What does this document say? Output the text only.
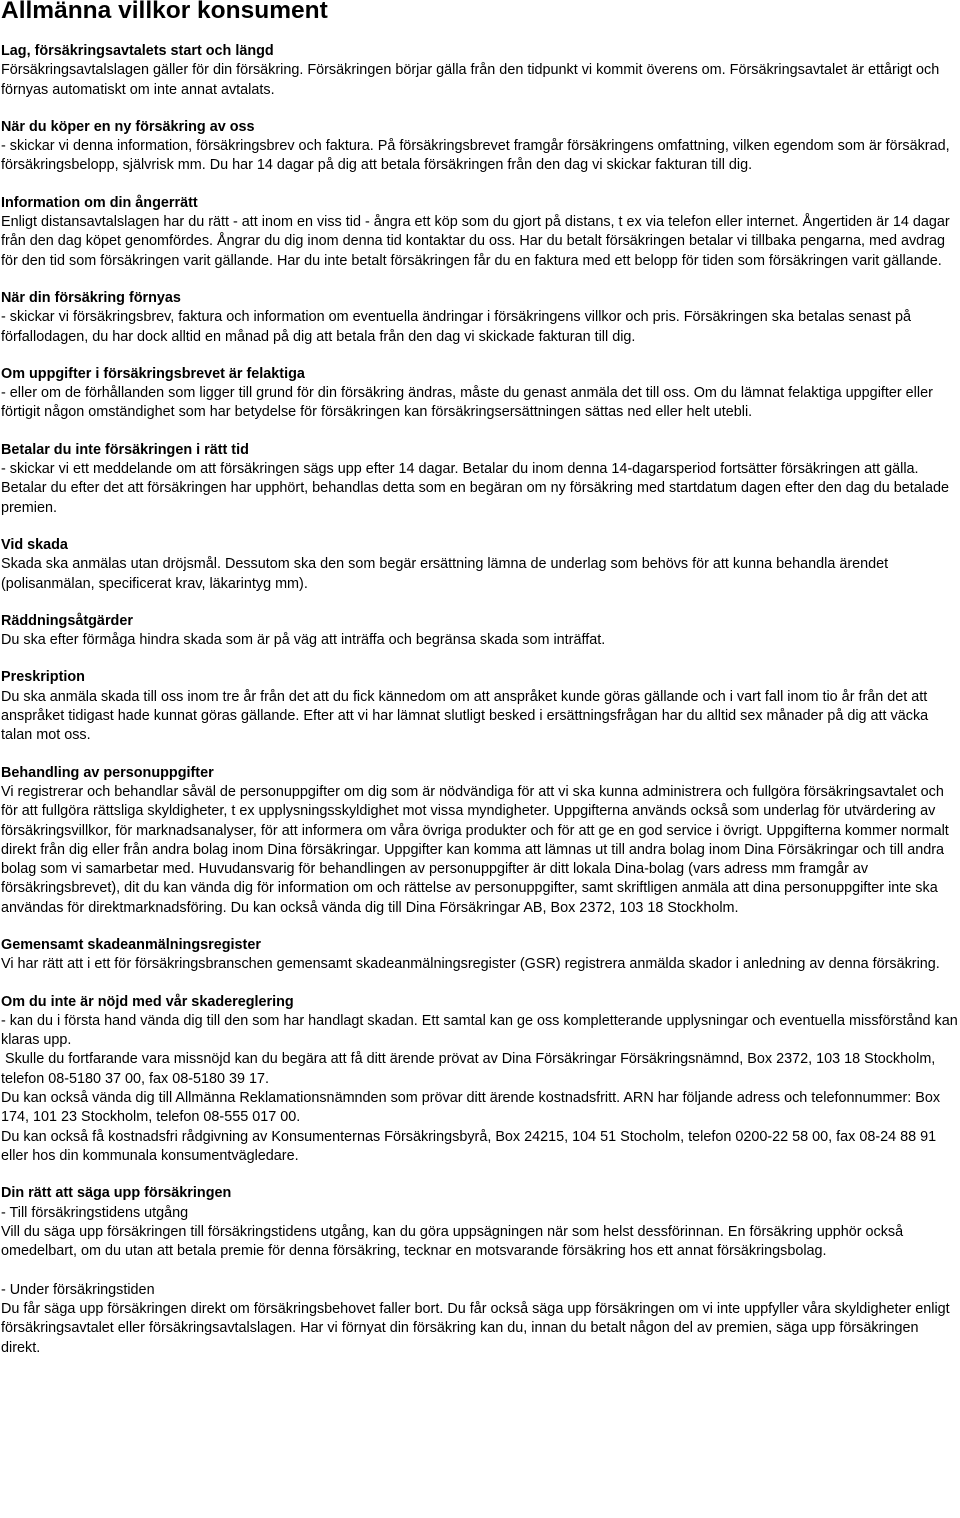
Allmänna villkor konsument
Lag, försäkringsavtalets start och längd

Försäkringsavtalslagen gäller för din försäkring. Försäkringen börjar gälla från den tidpunkt vi kommit överens om. Försäkringsavtalet är ettårigt och förnyas automatiskt om inte annat avtalats.

När du köper en ny försäkring av oss

- skickar vi denna information, försäkringsbrev och faktura. På försäkringsbrevet framgår försäkringens omfattning, vilken egendom som är försäkrad, försäkringsbelopp, självrisk mm. Du har 14 dagar på dig att betala försäkringen från den dag vi skickar fakturan till dig.

Information om din ångerrätt

Enligt distansavtalslagen har du rätt - att inom en viss tid - ångra ett köp som du gjort på distans, t ex via telefon eller internet. Ångertiden är 14 dagar från den dag köpet genomfördes. Ångrar du dig inom denna tid kontaktar du oss. Har du betalt försäkringen betalar vi tillbaka pengarna, med avdrag för den tid som försäkringen varit gällande. Har du inte betalt försäkringen får du en faktura med ett belopp för tiden som försäkringen varit gällande.

När din försäkring förnyas

- skickar vi försäkringsbrev, faktura och information om eventuella ändringar i försäkringens villkor och pris. Försäkringen ska betalas senast på förfallodagen, du har dock alltid en månad på dig att betala från den dag vi skickade fakturan till dig.

Om uppgifter i försäkringsbrevet är felaktiga

- eller om de förhållanden som ligger till grund för din försäkring ändras, måste du genast anmäla det till oss. Om du lämnat felaktiga uppgifter eller förtigit någon omständighet som har betydelse för försäkringen kan försäkringsersättningen sättas ned eller helt utebli.

Betalar du inte försäkringen i rätt tid

- skickar vi ett meddelande om att försäkringen sägs upp efter 14 dagar. Betalar du inom denna 14-dagarsperiod fortsätter försäkringen att gälla.

Betalar du efter det att försäkringen har upphört, behandlas detta som en begäran om ny försäkring med startdatum dagen efter den dag du betalade premien.

Vid skada

Skada ska anmälas utan dröjsmål. Dessutom ska den som begär ersättning lämna de underlag som behövs för att kunna behandla ärendet (polisanmälan, specificerat krav, läkarintyg mm).

Räddningsåtgärder

Du ska efter förmåga hindra skada som är på väg att inträffa och begränsa skada som inträffat.

Preskription

Du ska anmäla skada till oss inom tre år från det att du fick kännedom om att anspråket kunde göras gällande och i vart fall inom tio år från det att anspråket tidigast hade kunnat göras gällande. Efter att vi har lämnat slutligt besked i ersättningsfrågan har du alltid sex månader på dig att väcka talan mot oss.

Behandling av personuppgifter

Vi registrerar och behandlar såväl de personuppgifter om dig som är nödvändiga för att vi ska kunna administrera och fullgöra försäkringsavtalet och för att fullgöra rättsliga skyldigheter, t ex upplysningsskyldighet mot vissa myndigheter. Uppgifterna används också som underlag för utvärdering av försäkringsvillkor, för marknadsanalyser, för att informera om våra övriga produkter och för att ge en god service i övrigt. Uppgifterna kommer normalt direkt från dig eller från andra bolag inom Dina försäkringar. Uppgifter kan komma att lämnas ut till andra bolag inom Dina Försäkringar och till andra bolag som vi samarbetar med. Huvudansvarig för behandlingen av personuppgifter är ditt lokala Dina-bolag (vars adress mm framgår av försäkringsbrevet), dit du kan vända dig för information om och rättelse av personuppgifter, samt skriftligen anmäla att dina personuppgifter inte ska användas för direktmarknadsföring. Du kan också vända dig till Dina Försäkringar AB, Box 2372, 103 18 Stockholm.

Gemensamt skadeanmälningsregister

Vi har rätt att i ett för försäkringsbranschen gemensamt skadeanmälningsregister (GSR) registrera anmälda skador i anledning av denna försäkring.

Om du inte är nöjd med vår skadereglering

- kan du i första hand vända dig till den som har handlagt skadan. Ett samtal kan ge oss kompletterande upplysningar och eventuella missförstånd kan klaras upp.

Skulle du fortfarande vara missnöjd kan du begära att få ditt ärende prövat av Dina Försäkringar Försäkringsnämnd, Box 2372, 103 18 Stockholm, telefon 08-5180 37 00, fax 08-5180 39 17.

Du kan också vända dig till Allmänna Reklamationsnämnden som prövar ditt ärende kostnadsfritt. ARN har följande adress och telefonnummer: Box 174, 101 23 Stockholm, telefon 08-555 017 00.

Du kan också få kostnadsfri rådgivning av Konsumenternas Försäkringsbyrå, Box 24215, 104 51 Stocholm, telefon 0200-22 58 00, fax 08-24 88 91 eller hos din kommunala konsumentvägledare.

Din rätt att säga upp försäkringen

- Till försäkringstidens utgång

Vill du säga upp försäkringen till försäkringstidens utgång, kan du göra uppsägningen när som helst dessförinnan. En försäkring upphör också omedelbart, om du utan att betala premie för denna försäkring, tecknar en motsvarande försäkring hos ett annat försäkringsbolag.

- Under försäkringstiden

Du får säga upp försäkringen direkt om försäkringsbehovet faller bort. Du får också säga upp försäkringen om vi inte uppfyller våra skyldigheter enligt försäkringsavtalet eller försäkringsavtalslagen. Har vi förnyat din försäkring kan du, innan du betalt någon del av premien, säga upp försäkringen direkt.
